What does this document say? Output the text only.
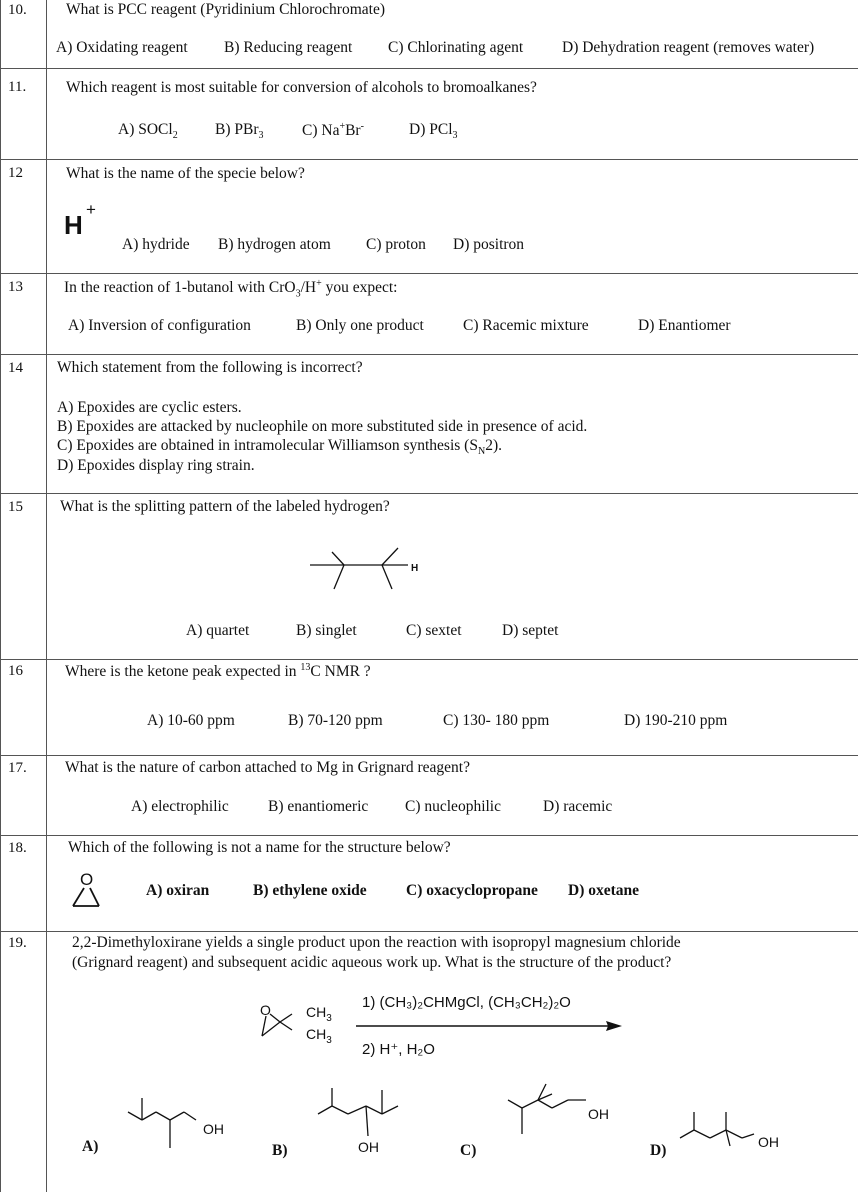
10.	What is PCC reagent (Pyridinium Chlorochromate)
A) Oxidating reagent B) Reducing reagent C) Chlorinating agent	D) Dehydration reagent (removes water)
11.	Which reagent is most suitable for conversion of alcohols to bromoalkanes?
A) SOCl$_2$ B) PBr$_3$ C) Na+Br-	D) PCl$_3$
12	What is the name of the specie below?
H
+
A) hydride B) hydrogen atom C) proton D) positron
13	In the reaction of 1-butanol with CrO$_3$/H+ you expect:
A) Inversion of configuration	B) Only one product	C) Racemic mixture	D) Enantiomer
14 Which statement from the following is incorrect?
A) Epoxides are cyclic esters.
B) Epoxides are attacked by nucleophile on more substituted side in presence of acid.
C) Epoxides are obtained in intramolecular Williamson synthesis $(S_N2)$.
D) Epoxides display ring strain.
15 What is the splitting pattern of the labeled hydrogen?
H
A) quartet	B) singlet	C) sextet	D) septet
16	Where is the ketone peak expected in $^{13}$C NMR ?
A) 10-60 ppm	B) 70-120 ppm	C) 130- 180 ppm	D) 190-210 ppm
17. What is the nature of carbon attached to Mg in Grignard reagent?
A) electrophilic	B) enantiomeric C) nucleophilic	D) racemic
18.	Which of the following is not a name for the structure below?
O
A) oxiran	B) ethylene oxide	C) oxacyclopropane D) oxetane
19.	2,2-Dimethyloxirane yields a single product upon the reaction with isopropyl magnesium chloride
(Grignard reagent) and subsequent acidic aqueous work up. What is the structure of the product?
O	$CH_3$
$CH_3$
1) (CH₃)₂CHMgCl, (CH₃CH₂)₂O
2) H⁺, H₂O
A)
OH
B)	OH	C)
OH
D)	OH
